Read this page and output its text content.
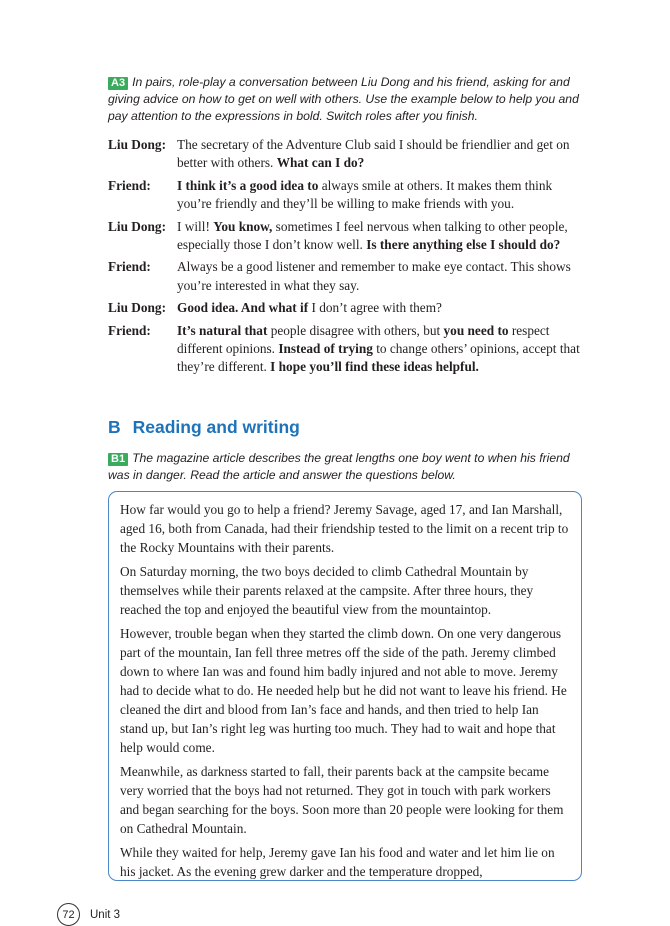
A3 In pairs, role-play a conversation between Liu Dong and his friend, asking for and giving advice on how to get on well with others. Use the example below to help you and pay attention to the expressions in bold. Switch roles after you finish.
Liu Dong: The secretary of the Adventure Club said I should be friendlier and get on better with others. What can I do?
Friend:	I think it’s a good idea to always smile at others. It makes them think you’re friendly and they’ll be willing to make friends with you.
Liu Dong: I will! You know, sometimes I feel nervous when talking to other people, especially those I don’t know well. Is there anything else I should do?
Friend:	Always be a good listener and remember to make eye contact. This shows you’re interested in what they say.
Liu Dong: Good idea. And what if I don’t agree with them?
Friend:	It’s natural that people disagree with others, but you need to respect different opinions. Instead of trying to change others’ opinions, accept that they’re different. I hope you’ll find these ideas helpful.
B Reading and writing
B1 The magazine article describes the great lengths one boy went to when his friend was in danger. Read the article and answer the questions below.

How far would you go to help a friend? Jeremy Savage, aged 17, and Ian Marshall, aged 16, both from Canada, had their friendship tested to the limit on a recent trip to the Rocky Mountains with their parents.

On Saturday morning, the two boys decided to climb Cathedral Mountain by themselves while their parents relaxed at the campsite. After three hours, they reached the top and enjoyed the beautiful view from the mountaintop.

However, trouble began when they started the climb down. On one very dangerous part of the mountain, Ian fell three metres off the side of the path. Jeremy climbed down to where Ian was and found him badly injured and not able to move. Jeremy had to decide what to do. He needed help but he did not want to leave his friend. He cleaned the dirt and blood from Ian’s face and hands, and then tried to help Ian stand up, but Ian’s right leg was hurting too much. They had to wait and hope that help would come.

Meanwhile, as darkness started to fall, their parents back at the campsite became very worried that the boys had not returned. They got in touch with park workers and began searching for the boys. Soon more than 20 people were looking for them on Cathedral Mountain.

While they waited for help, Jeremy gave Ian his food and water and let him lie on his jacket. As the evening grew darker and the temperature dropped,

72	Unit 3
